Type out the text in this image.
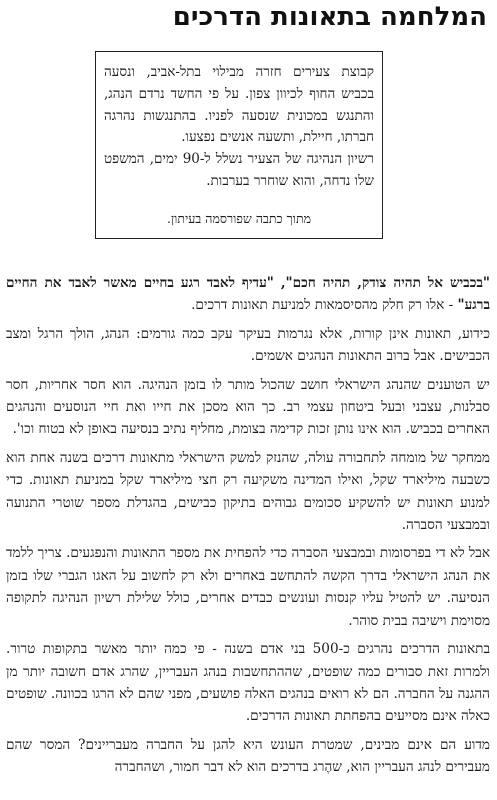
המלחמה בתאונות הדרכים

קבוצת צעירים חזרה מבילוי בתל-אביב, ונסעה בכביש החוף לכיוון צפון. על פי החשד נרדם הנהג, והתנגש במכונית שנסעה לפניו. בהתנגשות נהרגה חברתו, חיילת, ותשעה אנשים נפצעו.

רשיון הנהיגה של הצעיר נשלל ל-90 ימים, המשפט שלו נדחה, והוא שוחרר בערבות.

מתוך כתבה שפורסמה בעיתון.

"בכביש אל תהיה צודק, תהיה חכם", "עדיף לאבד רגע בחיים מאשר לאבד את החיים ברגע" - אלו רק חלק מהסיסמאות למניעת תאונות דרכים.

כידוע, תאונות אינן קורות, אלא נגרמות בעיקר עקב כמה גורמים: הנהג, הולך הרגל ומצב הכבישים. אבל ברוב התאונות הנהגים אשמים.

יש הטוענים שהנהג הישראלי חושב שהכול מותר לו בזמן הנהיגה. הוא חסר אחריות, חסר סבלנות, עצבני ובעל ביטחון עצמי רב. כך הוא מסכן את חייו ואת חיי הנוסעים והנהגים האחרים בכביש. הוא אינו נותן זכות קדימה בצומת, מחליף נתיב בנסיעה באופן לא בטוח וכו'.

ממחקר של מומחה לתחבורה עולה, שהנזק למשק הישראלי מתאונות דרכים בשנה אחת הוא כשבעה מיליארד שקל, ואילו המדינה משקיעה רק חצי מיליארד שקל במניעת תאונות. כדי למנוע תאונות יש להשקיע סכומים גבוהים בתיקון כבישים, בהגדלת מספר שוטרי התנועה ובמבצעי הסברה.

אבל לא די בפרסומות ובמבצעי הסברה כדי להפחית את מספר התאונות והנפגעים. צריך ללמד את הנהג הישראלי בדרך הקשה להתחשב באחרים ולא רק לחשוב על האגו הגברי שלו בזמן הנסיעה. יש להטיל עליו קנסות ועונשים כבדים אחרים, כולל שלילת רשיון הנהיגה לתקופה מסוימת וישיבה בבית סוהר.

בתאונות הדרכים נהרגים כ-500 בני אדם בשנה - פי כמה יותר מאשר בתקופות טרור. ולמרות זאת סבורים כמה שופטים, שההתחשבות בנהג העבריין, שהרג אדם חשובה יותר מן ההגנה על החברה. הם לא רואים בנהגים האלה פושעים, מפני שהם לא הרגו בכוונה. שופטים כאלה אינם מסייעים בהפחתת תאונות הדרכים.

מדוע הם אינם מבינים, שמטרת העונש היא להגן על החברה מעבריינים? המסר שהם מעבירים לנהג העבריין הוא, שהֶרג בדרכים הוא לא דבר חמור, ושהחברה
